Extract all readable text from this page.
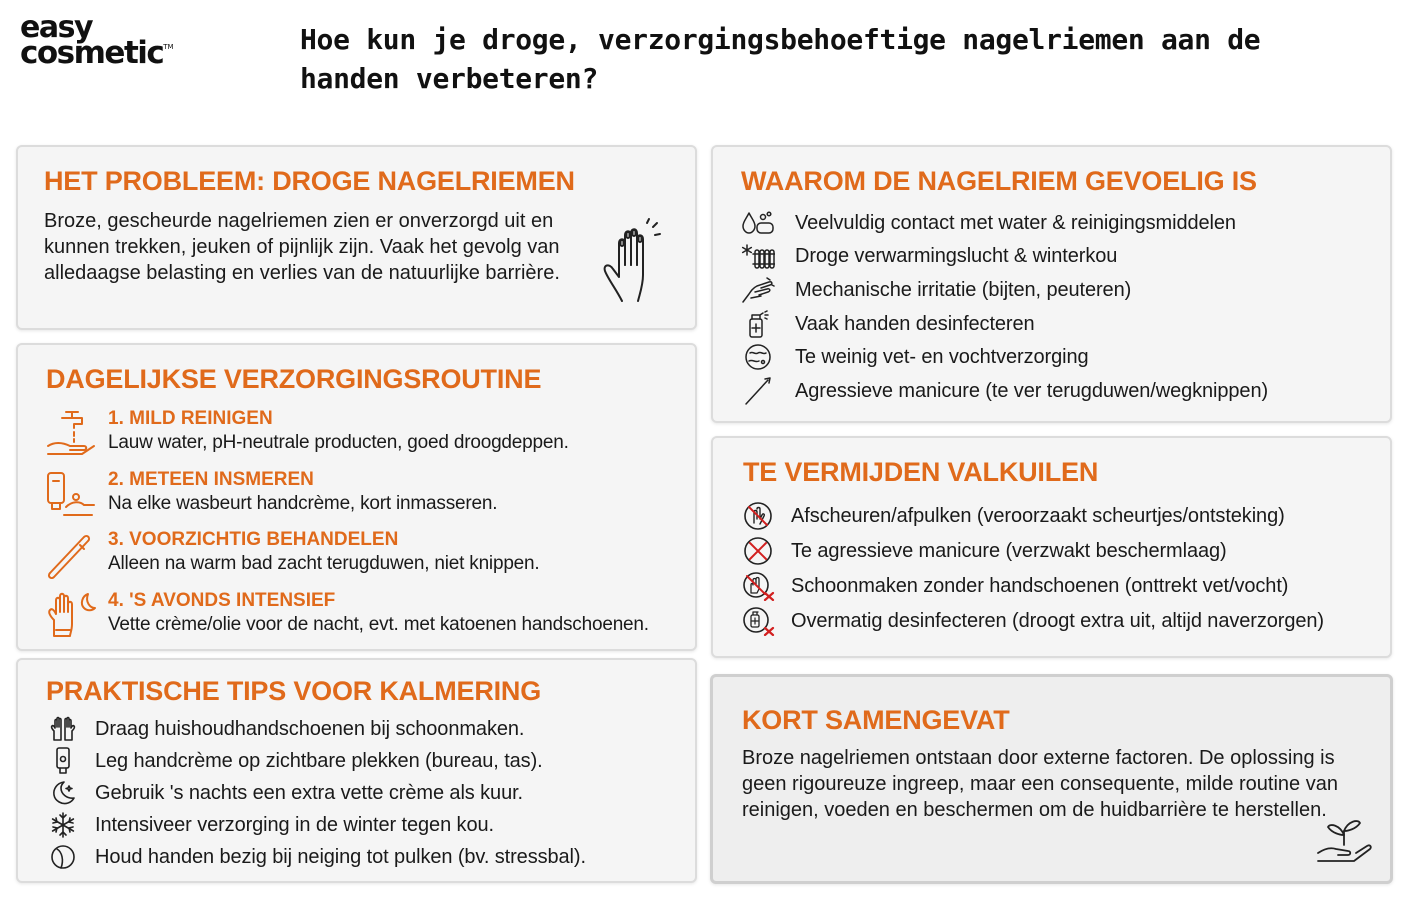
easy
cosmetic™	Hoe kun je droge, verzorgingsbehoeftige nagelriemen aan de handen verbeteren?
HET PROBLEEM: DROGE NAGELRIEMEN
Broze, gescheurde nagelriemen zien er onverzorgd uit en kunnen trekken, jeuken of pijnlijk zijn. Vaak het gevolg van alledaagse belasting en verlies van de natuurlijke barrière.
DAGELIJKSE VERZORGINGSROUTINE
1. MILD REINIGEN
Lauw water, pH-neutrale producten, goed droogdeppen.
2. METEEN INSMEREN
Na elke wasbeurt handcrème, kort inmasseren.
3. VOORZICHTIG BEHANDELEN
Alleen na warm bad zacht terugduwen, niet knippen.
4. 'S AVONDS INTENSIEF
Vette crème/olie voor de nacht, evt. met katoenen handschoenen.
PRAKTISCHE TIPS VOOR KALMERING
Draag huishoudhandschoenen bij schoonmaken.
Leg handcrème op zichtbare plekken (bureau, tas).
Gebruik 's nachts een extra vette crème als kuur.
Intensiveer verzorging in de winter tegen kou.
Houd handen bezig bij neiging tot pulken (bv. stressbal).
WAAROM DE NAGELRIEM GEVOELIG IS
Veelvuldig contact met water & reinigingsmiddelen
Droge verwarmingslucht & winterkou
Mechanische irritatie (bijten, peuteren)
Vaak handen desinfecteren
Te weinig vet- en vochtverzorging
Agressieve manicure (te ver terugduwen/wegknippen)
TE VERMIJDEN VALKUILEN
Afscheuren/afpulken (veroorzaakt scheurtjes/ontsteking)
Te agressieve manicure (verzwakt beschermlaag)
Schoonmaken zonder handschoenen (onttrekt vet/vocht)
Overmatig desinfecteren (droogt extra uit, altijd naverzorgen)
KORT SAMENGEVAT
Broze nagelriemen ontstaan door externe factoren. De oplossing is geen rigoureuze ingreep, maar een consequente, milde routine van reinigen, voeden en beschermen om de huidbarrière te herstellen.
